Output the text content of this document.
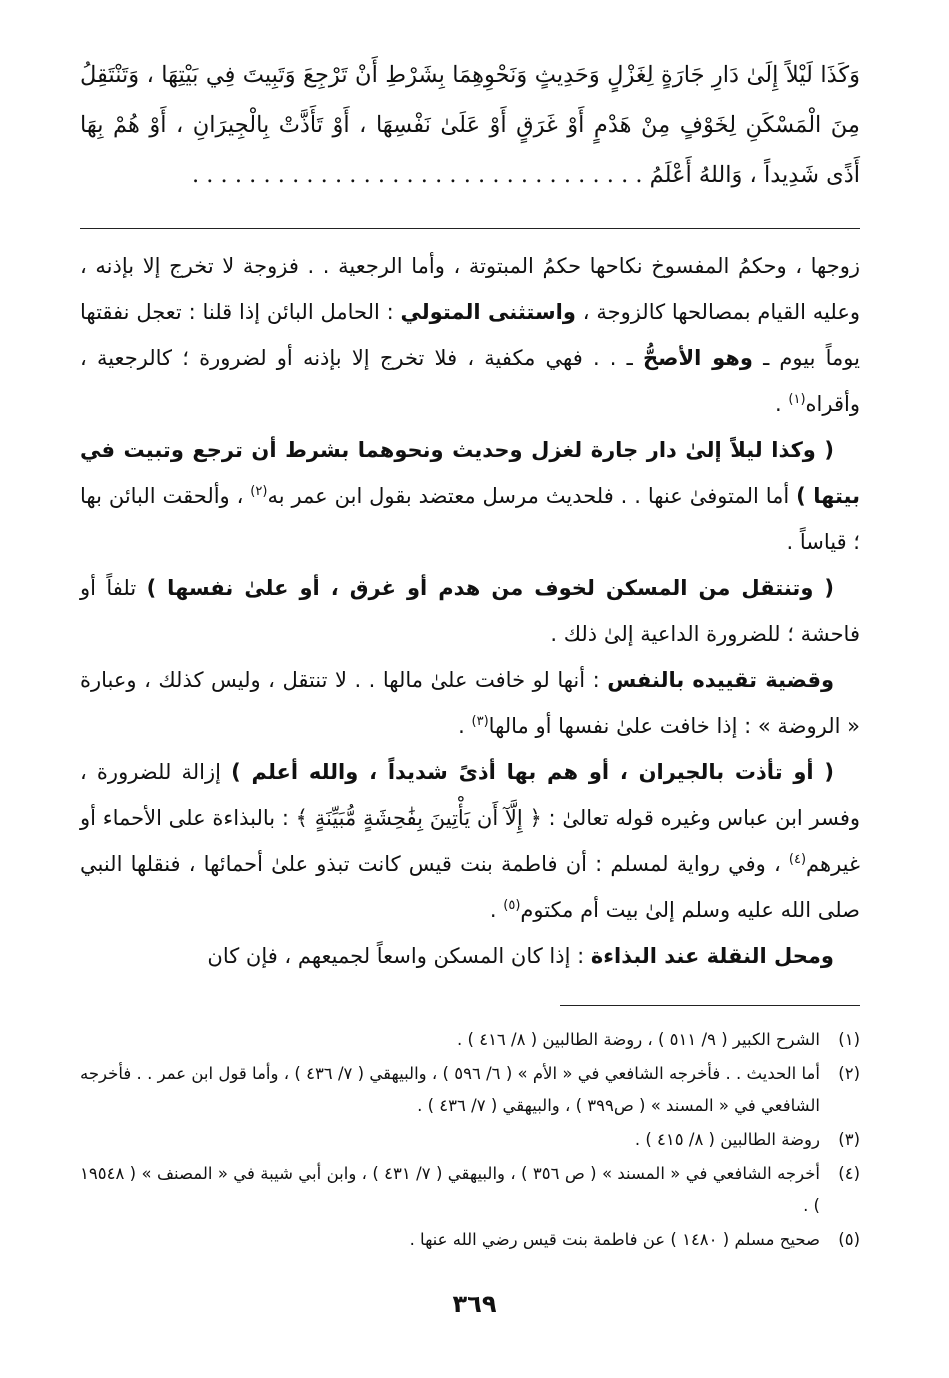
وَكَذَا لَيْلاً إِلَىٰ دَارِ جَارَةٍ لِغَزْلٍ وَحَدِيثٍ وَنَحْوِهِمَا بِشَرْطِ أَنْ تَرْجِعَ وَتَبِيتَ فِي بَيْتِهَا ، وَتَنْتَقِلُ مِنَ الْمَسْكَنِ لِخَوْفٍ مِنْ هَدْمٍ أَوْ غَرَقٍ أَوْ عَلَىٰ نَفْسِهَا ، أَوْ تَأَذَّتْ بِالْجِيرَانِ ، أَوْ هُمْ بِهَا أَذًى شَدِيداً ، وَاللهُ أَعْلَمُ . . . . . . . . . . . . . . . . . . . . . . . . . . . . . . . .

زوجها ، وحكمُ المفسوخ نكاحها حكمُ المبتوتة ، وأما الرجعية . . فزوجة لا تخرج إلا بإذنه ، وعليه القيام بمصالحها كالزوجة ، واستثنى المتولي : الحامل البائن إذا قلنا : تعجل نفقتها يوماً بيوم ـ وهو الأصحُّ ـ . . فهي مكفية ، فلا تخرج إلا بإذنه أو لضرورة ؛ كالرجعية ، وأقراه$^{(١)}$ .

( وكذا ليلاً إلىٰ دار جارة لغزل وحديث ونحوهما بشرط أن ترجع وتبيت في بيتها ) أما المتوفىٰ عنها . . فلحديث مرسل معتضد بقول ابن عمر به$^{(٢)}$ ، وألحقت البائن بها ؛ قياساً .

( وتنتقل من المسكن لخوف من هدم أو غرق ، أو علىٰ نفسها ) تلفاً أو فاحشة ؛ للضرورة الداعية إلىٰ ذلك .

وقضية تقييده بالنفس : أنها لو خافت علىٰ مالها . . لا تنتقل ، وليس كذلك ، وعبارة « الروضة » : إذا خافت علىٰ نفسها أو مالها$^{(٣)}$ .

( أو تأذت بالجيران ، أو هم بها أذىً شديداً ، والله أعلم ) إزالة للضرورة ، وفسر ابن عباس وغيره قوله تعالىٰ : ﴿ إِلَّآ أَن يَأْتِينَ بِفَٰحِشَةٍ مُّبَيِّنَةٍ ﴾ : بالبذاءة على الأحماء أو غيرهم$^{(٤)}$ ، وفي رواية لمسلم : أن فاطمة بنت قيس كانت تبذو علىٰ أحمائها ، فنقلها النبي صلى الله عليه وسلم إلىٰ بيت أم مكتوم$^{(٥)}$ .

ومحل النقلة عند البذاءة : إذا كان المسكن واسعاً لجميعهم ، فإن كان

(١)
الشرح الكبير ( ٩/ ٥١١ ) ، روضة الطالبين ( ٨/ ٤١٦ ) .
(٢)
أما الحديث . . فأخرجه الشافعي في « الأم » ( ٦/ ٥٩٦ ) ، والبيهقي ( ٧/ ٤٣٦ ) ، وأما قول ابن عمر . . فأخرجه الشافعي في « المسند » ( ص٣٩٩ ) ، والبيهقي ( ٧/ ٤٣٦ ) .
(٣)
روضة الطالبين ( ٨/ ٤١٥ ) .
(٤)
أخرجه الشافعي في « المسند » ( ص ٣٥٦ ) ، والبيهقي ( ٧/ ٤٣١ ) ، وابن أبي شيبة في « المصنف » ( ١٩٥٤٨ ) .
(٥)
صحيح مسلم ( ١٤٨٠ ) عن فاطمة بنت قيس رضي الله عنها .
٣٦٩
